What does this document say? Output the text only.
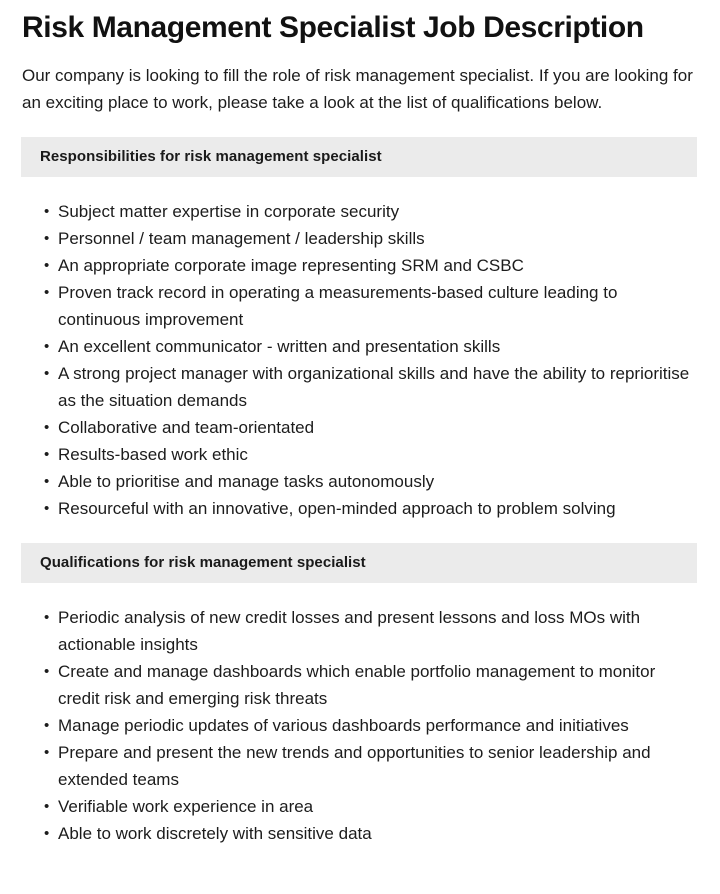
Risk Management Specialist Job Description

Our company is looking to fill the role of risk management specialist. If you are looking for an exciting place to work, please take a look at the list of qualifications below.

Responsibilities for risk management specialist
• Subject matter expertise in corporate security
• Personnel / team management / leadership skills
• An appropriate corporate image representing SRM and CSBC
• Proven track record in operating a measurements-based culture leading to continuous improvement
• An excellent communicator - written and presentation skills
• A strong project manager with organizational skills and have the ability to reprioritise as the situation demands
• Collaborative and team-orientated
• Results-based work ethic
• Able to prioritise and manage tasks autonomously
• Resourceful with an innovative, open-minded approach to problem solving
Qualifications for risk management specialist
• Periodic analysis of new credit losses and present lessons and loss MOs with actionable insights
• Create and manage dashboards which enable portfolio management to monitor credit risk and emerging risk threats
• Manage periodic updates of various dashboards performance and initiatives
• Prepare and present the new trends and opportunities to senior leadership and extended teams
• Verifiable work experience in area
• Able to work discretely with sensitive data
